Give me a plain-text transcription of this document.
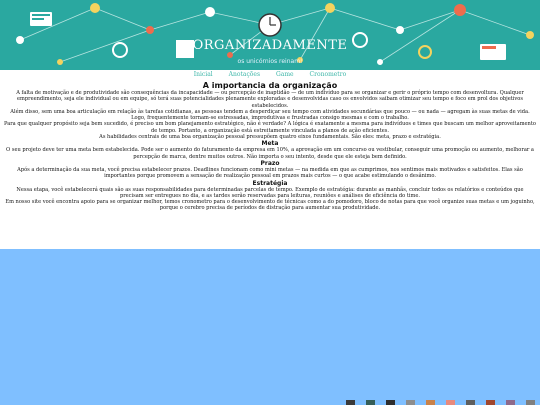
ORGANIZADAMENTE
os unicórnios reinam!
Inicial	Anotações	Game	Cronometro
A importancia da organização

A falta de motivação e de produtividade são consequências da incapacidade — ou percepção de inaptidão — de um indivíduo para se organizar e gerir o próprio tempo com desenvoltura. Qualquer empreendimento, seja ele individual ou em equipe, só terá suas potencialidades plenamente exploradas e desenvolvidas caso os envolvidos saibam otimizar seu tempo e foco em prol dos objetivos estabelecidos.

Além disso, sem uma boa articulação em relação às tarefas cotidianas, as pessoas tendem a desperdiçar seu tempo com atividades secundárias que pouco — ou nada — agregam às suas metas de vida. Logo, frequentemente tornam-se estressadas, improdutivas e frustradas consigo mesmas e com o trabalho.

Para que qualquer propósito seja bem sucedido, é preciso um bom planejamento estratégico, não é verdade? A lógica é exatamente a mesma para indivíduos e times que buscam um melhor aproveitamento de tempo. Portanto, a organização está estreitamente vinculada a planos de ação eficientes.

As habilidades centrais de uma boa organização pessoal pressupõem quatro eixos fundamentais. São eles: meta, prazo e estratégia.

Meta

O seu projeto deve ter uma meta bem estabelecida. Pode ser o aumento do faturamento da empresa em 10%, a aprovação em um concurso ou vestibular, conseguir uma promoção ou aumento, melhorar a percepção de marca, dentre muitos outros. Não importa o seu intento, desde que ele esteja bem definido.

Prazo

Após a determinação da sua meta, você precisa estabelecer prazos. Deadlines funcionam como mini metas — na medida em que as cumprimos, nos sentimos mais motivados e satisfeitos. Elas são importantes porque promovem a sensação de realização pessoal em prazos mais curtos — o que acabe estimulando o desânimo.

Estratégia

Nessa etapa, você estabelecerá quais são as suas responsabilidades para determinadas parcelas de tempo. Exemplo de estratégia: durante as manhãs, concluir todos os relatórios e conteúdos que precisam ser entregues no dia, e as tardes serão reservadas para leituras, reuniões e análises de eficiência do time.

Em nosso site você encontra apoio para se organizar melhor, temos cronometro para o desenvolvimento de técnicas como a do pomodoro, bloco de notas para que você organize suas metas e um joguinho, porque o cerebro precisa de períodos de distração para aumentar sua produtividade.
